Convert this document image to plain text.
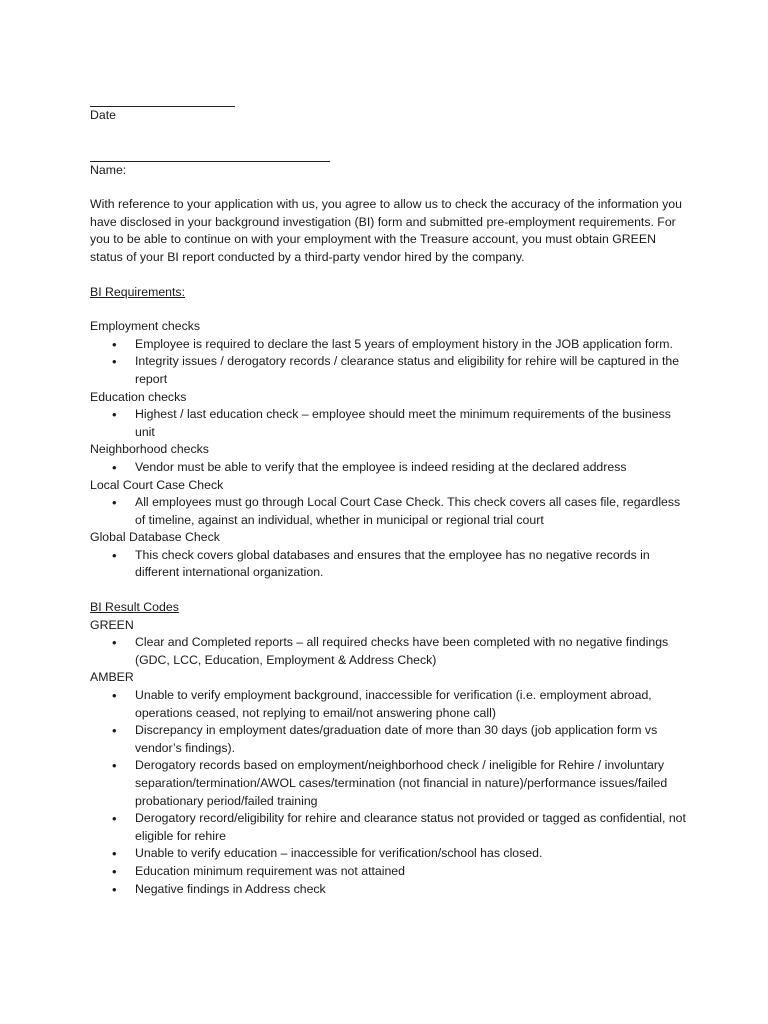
Date

Name:

With reference to your application with us, you agree to allow us to check the accuracy of the information you have disclosed in your background investigation (BI) form and submitted pre-employment requirements. For you to be able to continue on with your employment with the Treasure account, you must obtain GREEN status of your BI report conducted by a third-party vendor hired by the company.

BI Requirements:

Employment checks

• Employee is required to declare the last 5 years of employment history in the JOB application form.
• Integrity issues / derogatory records / clearance status and eligibility for rehire will be captured in the report

Education checks

• Highest / last education check – employee should meet the minimum requirements of the business unit

Neighborhood checks

• Vendor must be able to verify that the employee is indeed residing at the declared address

Local Court Case Check

• All employees must go through Local Court Case Check. This check covers all cases file, regardless of timeline, against an individual, whether in municipal or regional trial court

Global Database Check

• This check covers global databases and ensures that the employee has no negative records in different international organization.

BI Result Codes

GREEN

• Clear and Completed reports – all required checks have been completed with no negative findings (GDC, LCC, Education, Employment & Address Check)

AMBER

• Unable to verify employment background, inaccessible for verification (i.e. employment abroad, operations ceased, not replying to email/not answering phone call)
• Discrepancy in employment dates/graduation date of more than 30 days (job application form vs vendor’s findings).
• Derogatory records based on employment/neighborhood check / ineligible for Rehire / involuntary separation/termination/AWOL cases/termination (not financial in nature)/performance issues/failed probationary period/failed training
• Derogatory record/eligibility for rehire and clearance status not provided or tagged as confidential, not eligible for rehire
• Unable to verify education – inaccessible for verification/school has closed.
• Education minimum requirement was not attained
• Negative findings in Address check
